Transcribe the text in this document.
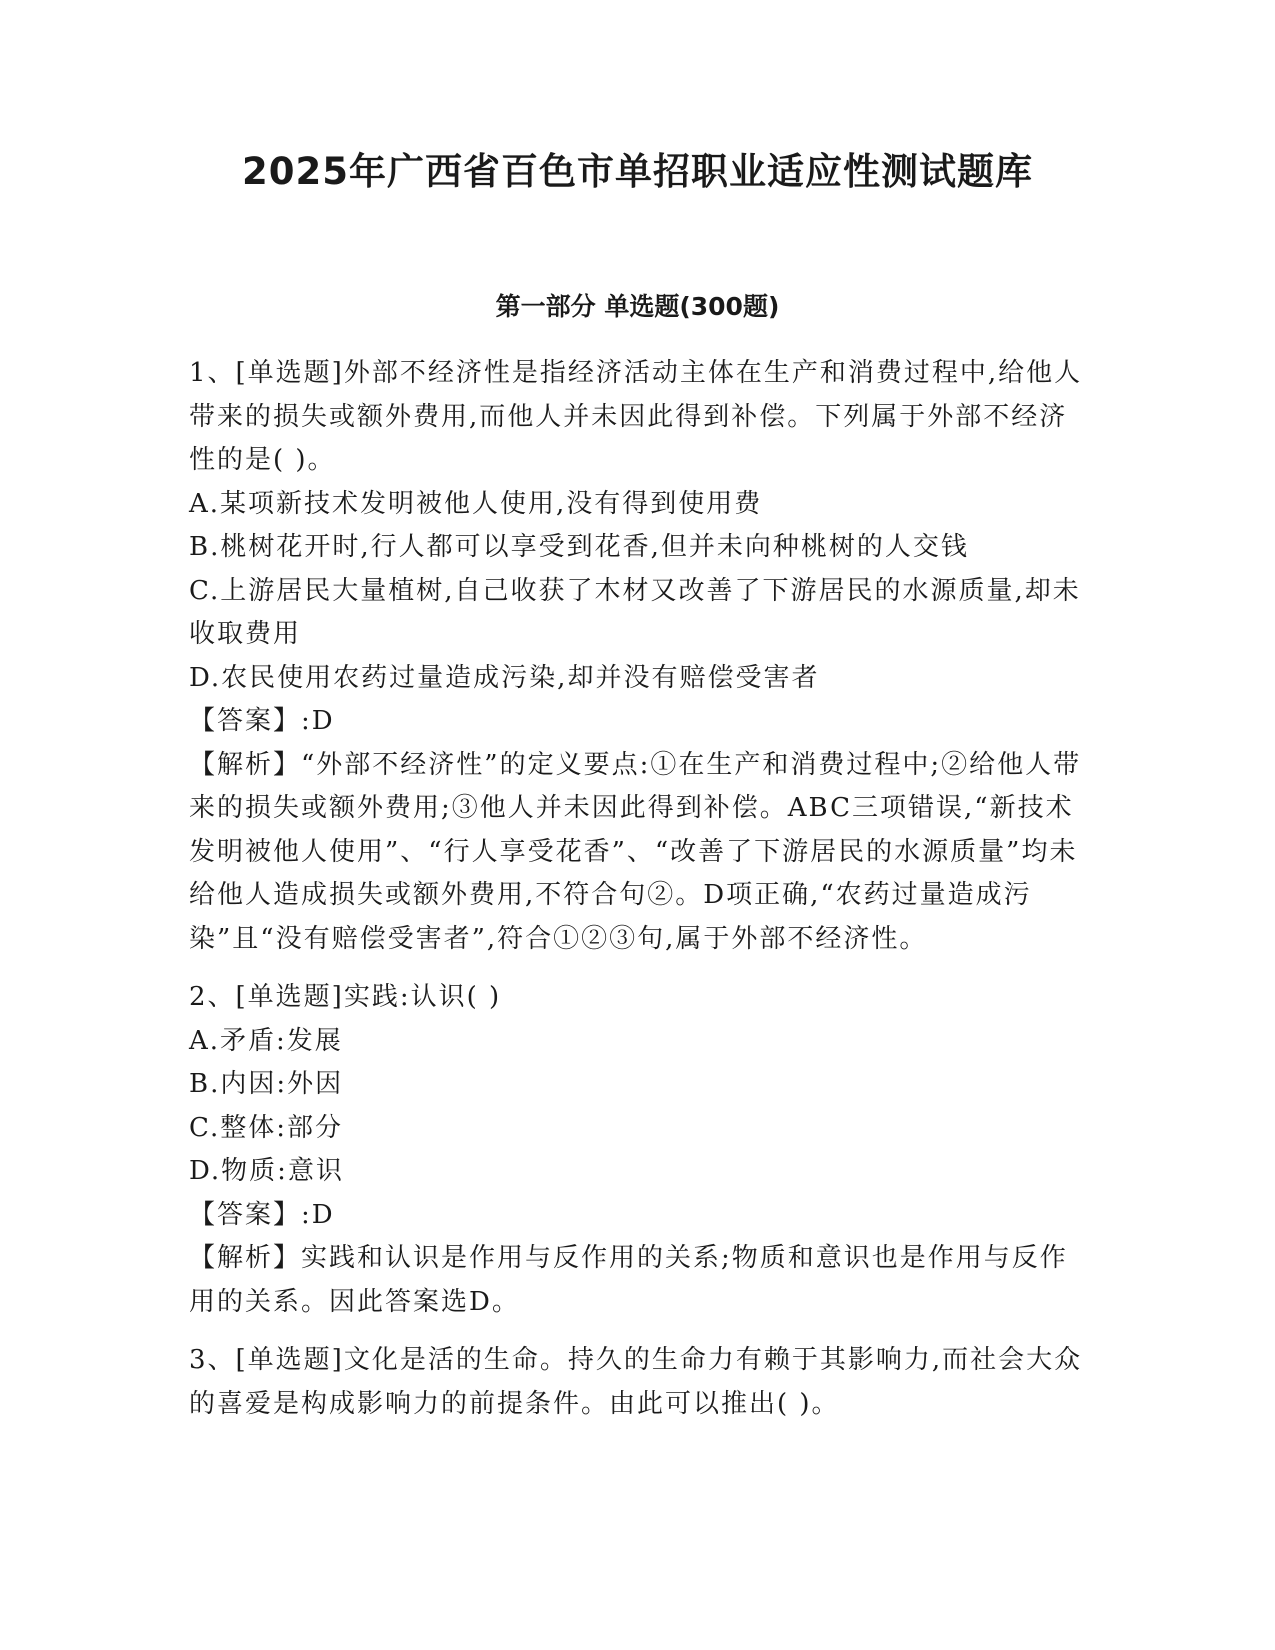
2025年广西省百色市单招职业适应性测试题库
第一部分 单选题(300题)

1、[单选题]外部不经济性是指经济活动主体在生产和消费过程中,给他人带来的损失或额外费用,而他人并未因此得到补偿。下列属于外部不经济性的是( )。

A.某项新技术发明被他人使用,没有得到使用费

B.桃树花开时,行人都可以享受到花香,但并未向种桃树的人交钱

C.上游居民大量植树,自己收获了木材又改善了下游居民的水源质量,却未收取费用

D.农民使用农药过量造成污染,却并没有赔偿受害者

【答案】:D

【解析】“外部不经济性”的定义要点:①在生产和消费过程中;②给他人带来的损失或额外费用;③他人并未因此得到补偿。ABC三项错误,“新技术发明被他人使用”、“行人享受花香”、“改善了下游居民的水源质量”均未给他人造成损失或额外费用,不符合句②。D项正确,“农药过量造成污染”且“没有赔偿受害者”,符合①②③句,属于外部不经济性。

2、[单选题]实践:认识( )

A.矛盾:发展

B.内因:外因

C.整体:部分

D.物质:意识

【答案】:D

【解析】实践和认识是作用与反作用的关系;物质和意识也是作用与反作用的关系。因此答案选D。

3、[单选题]文化是活的生命。持久的生命力有赖于其影响力,而社会大众的喜爱是构成影响力的前提条件。由此可以推出( )。
